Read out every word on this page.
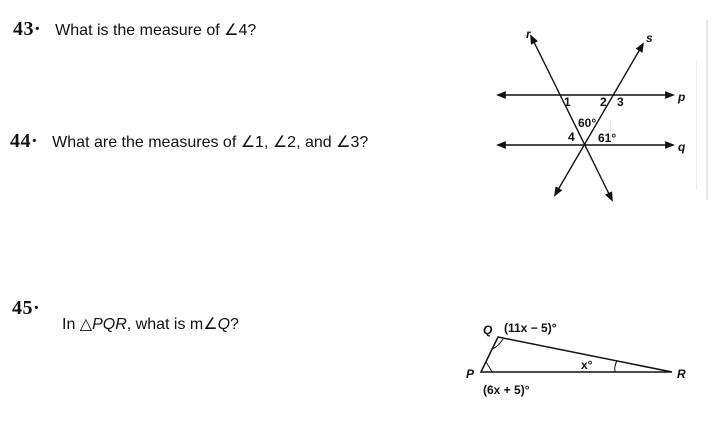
43· What is the measure of ∠4?
44· What are the measures of ∠1, ∠2, and ∠3?
45·
In △PQR, what is m∠Q?
r	s
p
q
1 2 3
4
60°
61°
Q
P	R
(11x − 5)°
x°
(6x + 5)°
